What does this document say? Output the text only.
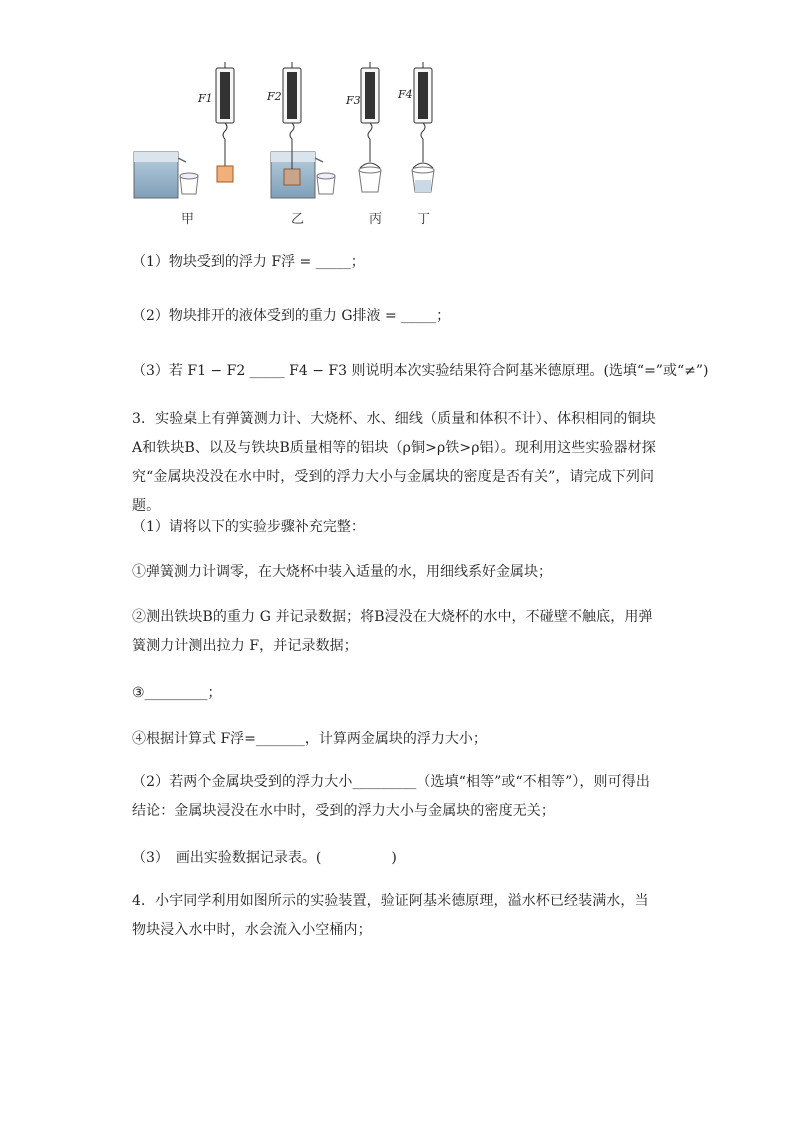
F1	F2	F3	F4
甲	乙	丙	丁
（1）物块受到的浮力 F浮 = _____；
（2）物块排开的液体受到的重力 G排液 = _____；
（3）若 F1 − F2 _____ F4 − F3 则说明本次实验结果符合阿基米德原理。(选填“=”或“≠”)
3．实验桌上有弹簧测力计、大烧杯、水、细线（质量和体积不计）、体积相同的铜块A和铁块B、以及与铁块B质量相等的铝块（ρ铜>ρ铁>ρ铝）。现利用这些实验器材探究“金属块没没在水中时，受到的浮力大小与金属块的密度是否有关”，请完成下列问题。
（1）请将以下的实验步骤补充完整：
①弹簧测力计调零，在大烧杯中装入适量的水，用细线系好金属块；
②测出铁块B的重力 G 并记录数据；将B浸没在大烧杯的水中，不碰壁不触底，用弹簧测力计测出拉力 F，并记录数据；
③_________；
④根据计算式 F浮=_______，计算两金属块的浮力大小；
（2）若两个金属块受到的浮力大小_________（选填“相等”或“不相等”），则可得出结论：金属块浸没在水中时，受到的浮力大小与金属块的密度无关；
（3）　画出实验数据记录表。(　　　　　)
4．小宇同学利用如图所示的实验装置，验证阿基米德原理，溢水杯已经装满水，当物块浸入水中时，水会流入小空桶内；
